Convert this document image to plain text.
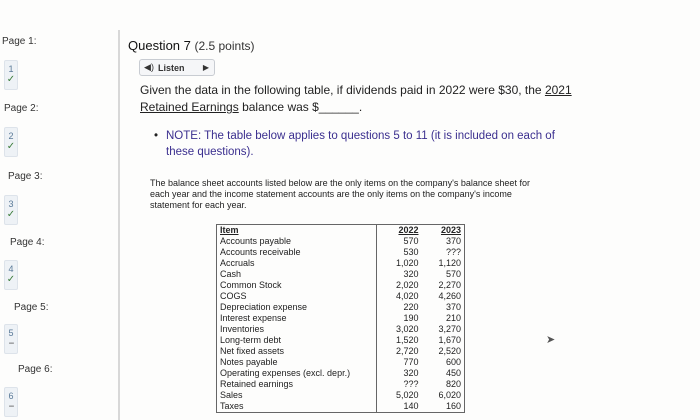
Page 1:
1
✓
Page 2:
2
✓
Page 3:
3
✓
Page 4:
4
✓
Page 5:
5
--
Page 6:
6
--
Question 7 (2.5 points)
◀) Listen	▶
Given the data in the following table, if dividends paid in 2022 were $30, the 2021
Retained Earnings balance was $______.
• NOTE: The table below applies to questions 5 to 11 (it is included on each of these questions).
The balance sheet accounts listed below are the only items on the company's balance sheet for each year and the income statement accounts are the only items on the company's income statement for each year.
Item	2022	2023
Accounts payable	570	370
Accounts receivable	530	???
Accruals	1,020	1,120
Cash	320	570
Common Stock	2,020	2,270
COGS	4,020	4,260
Depreciation expense	220	370
Interest expense	190	210
Inventories	3,020	3,270
Long-term debt	1,520	1,670
Net fixed assets	2,720	2,520
Notes payable	770	600
Operating expenses (excl. depr.)	320	450
Retained earnings	???	820
Sales	5,020	6,020
Taxes	140	160
➤
